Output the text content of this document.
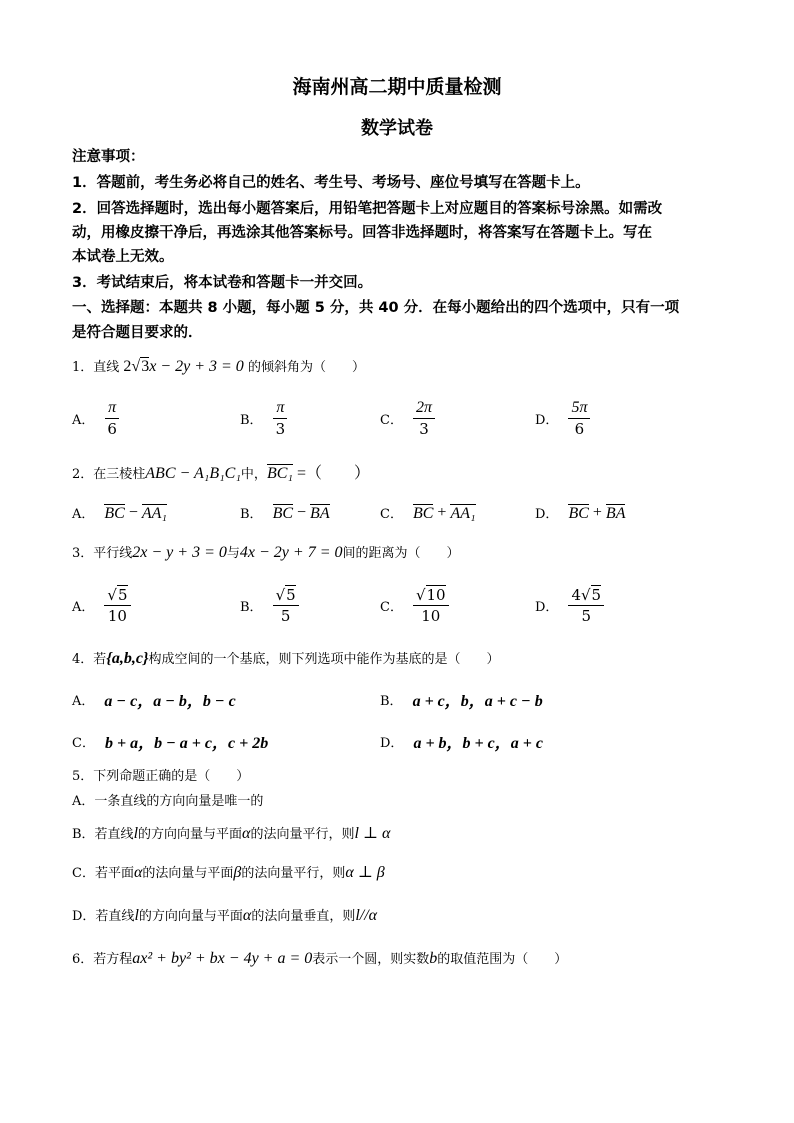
海南州高二期中质量检测
数学试卷
注意事项：
1．答题前，考生务必将自己的姓名、考生号、考场号、座位号填写在答题卡上。
2．回答选择题时，选出每小题答案后，用铅笔把答题卡上对应题目的答案标号涂黑。如需改
动，用橡皮擦干净后，再选涂其他答案标号。回答非选择题时，将答案写在答题卡上。写在
本试卷上无效。
3．考试结束后，将本试卷和答题卡一并交回。
一、选择题：本题共 8 小题，每小题 5 分，共 40 分．在每小题给出的四个选项中，只有一项
是符合题目要求的．
1．直线 2√3x − 2y + 3 = 0 的倾斜角为（　　）
A． $\frac{\pi}{6}$	B． $\frac{\pi}{3}$	C． $\frac{2\pi}{3}$	D． $\frac{5\pi}{6}$
2．在三棱柱ABC − A₁B₁C₁中，BC₁ =（　　）
A． BC − AA₁	B． BC − BA	C． BC + AA₁	D． BC + BA
3．平行线2x − y + 3 = 0与4x − 2y + 7 = 0间的距离为（　　）
A． $\frac{√5}{10}$	B． $\frac{√5}{5}$	C． $\frac{√10}{10}$	D． $\frac{4√5}{5}$
4．若{a,b,c}构成空间的一个基底，则下列选项中能作为基底的是（　　）
A． a − c，a − b，b − c	B． a + c，b，a + c − b
C． b + a，b − a + c，c + 2b	D． a + b，b + c，a + c
5．下列命题正确的是（　　）
A．一条直线的方向向量是唯一的
B．若直线l的方向向量与平面α的法向量平行，则l ⊥ α
C．若平面α的法向量与平面β的法向量平行，则α ⊥ β
D．若直线l的方向向量与平面α的法向量垂直，则l//α
6．若方程ax² + by² + bx − 4y + a = 0表示一个圆，则实数b的取值范围为（　　）
